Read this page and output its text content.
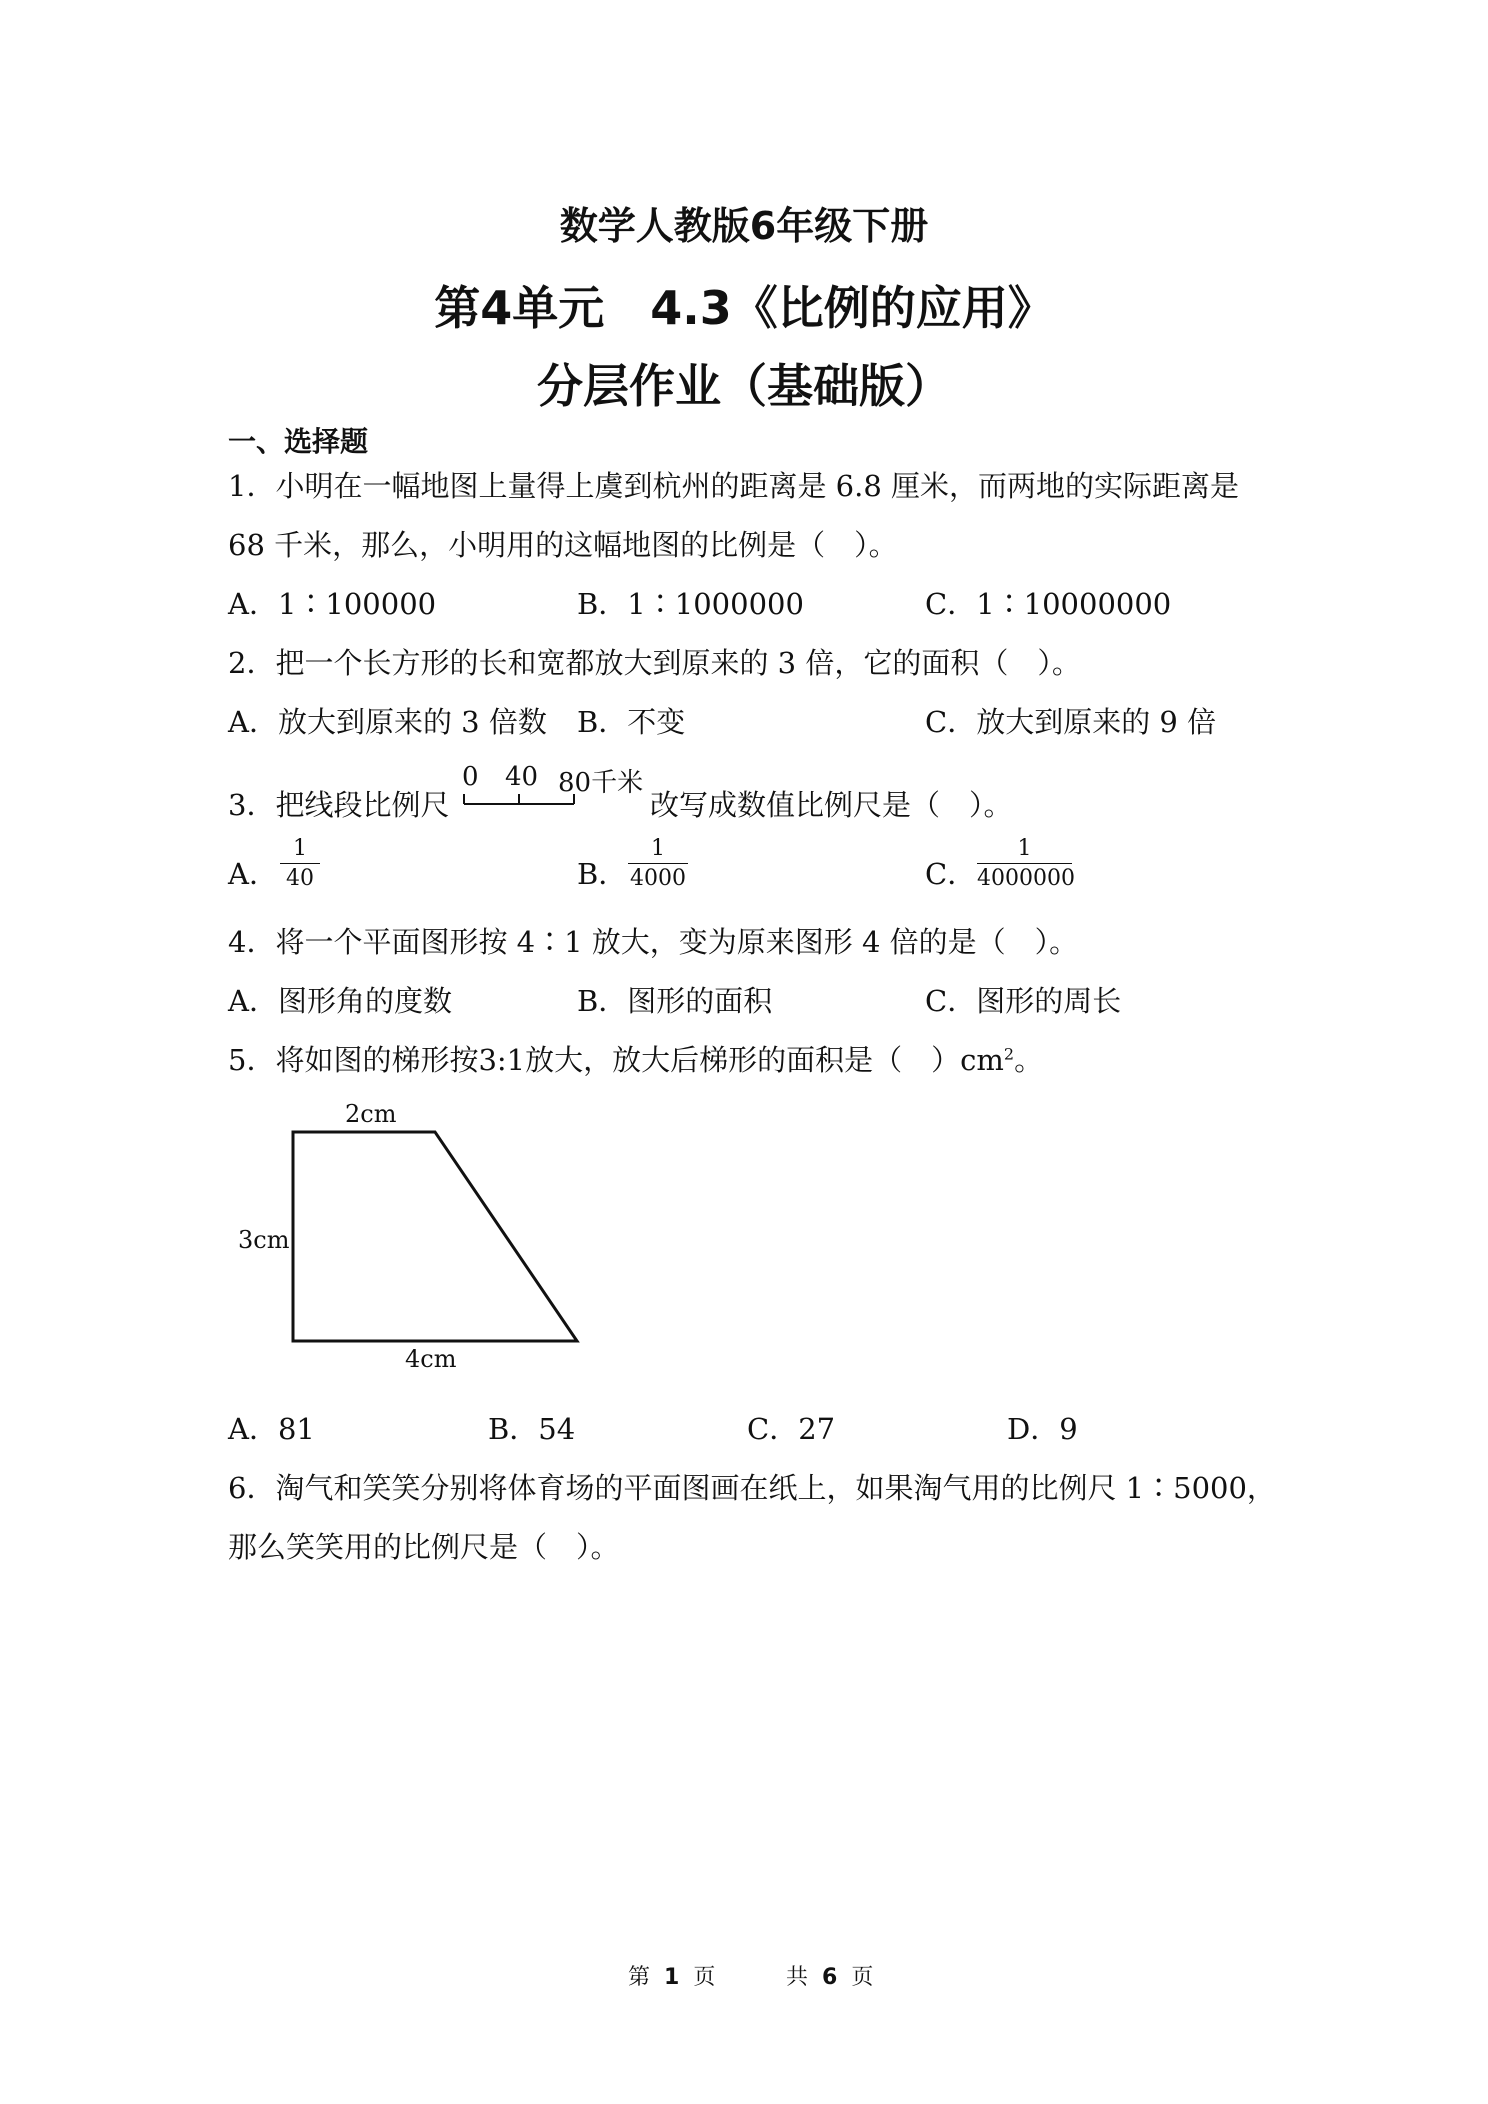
数学人教版6年级下册
第4单元　4.3《比例的应用》
分层作业（基础版）
一、选择题
1．小明在一幅地图上量得上虞到杭州的距离是 6.8 厘米，而两地的实际距离是
68 千米，那么，小明用的这幅地图的比例是（　）。
A．1∶100000	B．1∶1000000	C．1∶10000000
2．把一个长方形的长和宽都放大到原来的 3 倍，它的面积（　）。
A．放大到原来的 3 倍数 B．不变	C．放大到原来的 9 倍
3．把线段比例尺
0 40 80千米
改写成数值比例尺是（　）。
A．
1
40	B．
1
4000	C．
1
4000000
4．将一个平面图形按 4∶1 放大，变为原来图形 4 倍的是（　）。
A．图形角的度数	B．图形的面积	C．图形的周长
5．将如图的梯形按3:1放大，放大后梯形的面积是（　）$cm^2$。
2cm
3cm
4cm
A．81	B．54	C．27	D．9
6．淘气和笑笑分别将体育场的平面图画在纸上，如果淘气用的比例尺 1∶5000，
那么笑笑用的比例尺是（　）。
第 1 页	共 6 页
